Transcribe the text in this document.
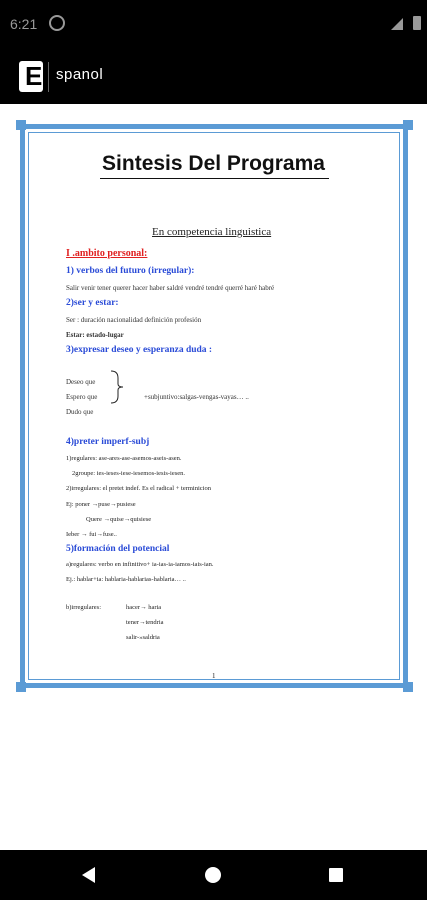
6:21
E spanol
Sintesis Del Programa
En competencia linguistica
I .ambito personal:
1) verbos del futuro (irregular):
Salir venir tener querer hacer haber saldré vendré tendré querré haré habré
2)ser y estar:
Ser : duración nacionalidad definición profesión
Estar: estado-lugar
3)expresar deseo y esperanza duda :
Deseo que
Espero que
Dudo que
+subjuntivo:salgas-vengas-vayas… ..
4)preter imperf-subj
1)regulares: ase-ares-ase-asemos-aseis-asen.
2groupe: ies-ieses-iese-iesemos-iesis-iesen.
2)irregulares: el pretet indef. Es el radical + terminicion
Ej: poner →puse→pusiese
Quere →quise→quisiese
Ieber → fui→fuse..
5)formación del potencial
a)regulares: verbo en infinitivo+ ia-ias-ia-iamos-iais-ian.
Ej.: hablar+ia: hablaria-hablarias-hablaria… ..
b)irregulares:	hacer→ haria
tener→tendria
salir-»saldria
1
